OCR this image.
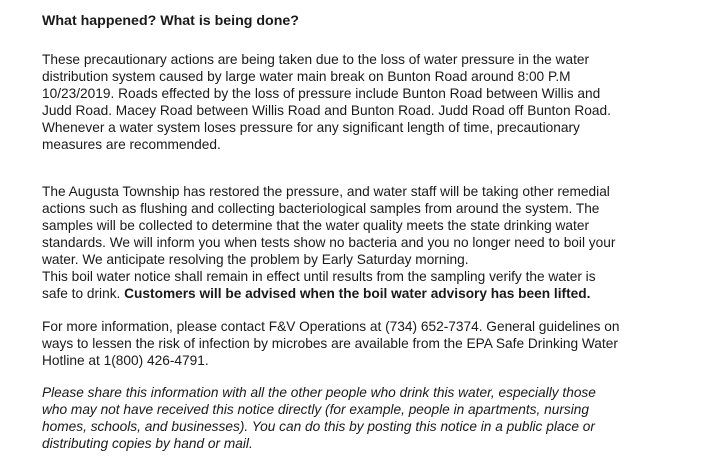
What happened? What is being done?

These precautionary actions are being taken due to the loss of water pressure in the water
distribution system caused by large water main break on Bunton Road around 8:00 P.M
10/23/2019. Roads effected by the loss of pressure include Bunton Road between Willis and
Judd Road. Macey Road between Willis Road and Bunton Road. Judd Road off Bunton Road.
Whenever a water system loses pressure for any significant length of time, precautionary
measures are recommended.

The Augusta Township has restored the pressure, and water staff will be taking other remedial
actions such as flushing and collecting bacteriological samples from around the system. The
samples will be collected to determine that the water quality meets the state drinking water
standards. We will inform you when tests show no bacteria and you no longer need to boil your
water. We anticipate resolving the problem by Early Saturday morning.

This boil water notice shall remain in effect until results from the sampling verify the water is
safe to drink. Customers will be advised when the boil water advisory has been lifted.

For more information, please contact F&V Operations at (734) 652-7374. General guidelines on
ways to lessen the risk of infection by microbes are available from the EPA Safe Drinking Water
Hotline at 1(800) 426-4791.

Please share this information with all the other people who drink this water, especially those
who may not have received this notice directly (for example, people in apartments, nursing
homes, schools, and businesses). You can do this by posting this notice in a public place or
distributing copies by hand or mail.
